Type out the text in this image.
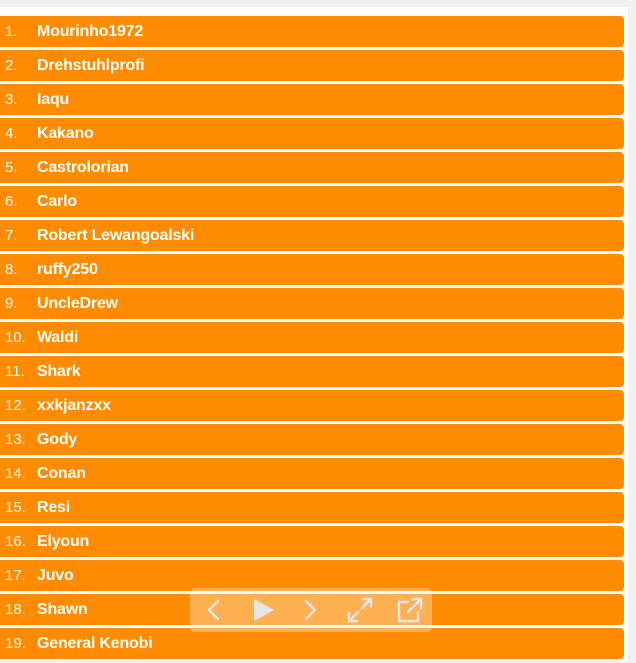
1.	Mourinho1972
2.	Drehstuhlprofi
3.	Iaqu
4.	Kakano
5.	Castrolorian
6.	Carlo
7.	Robert Lewangoalski
8.	ruffy250
9.	UncleDrew
10. Waldi
11. Shark
12. xxkjanzxx
13. Gody
14. Conan
15. Resi
16. Elyoun
17. Juvo
18. Shawn
19. General Kenobi
